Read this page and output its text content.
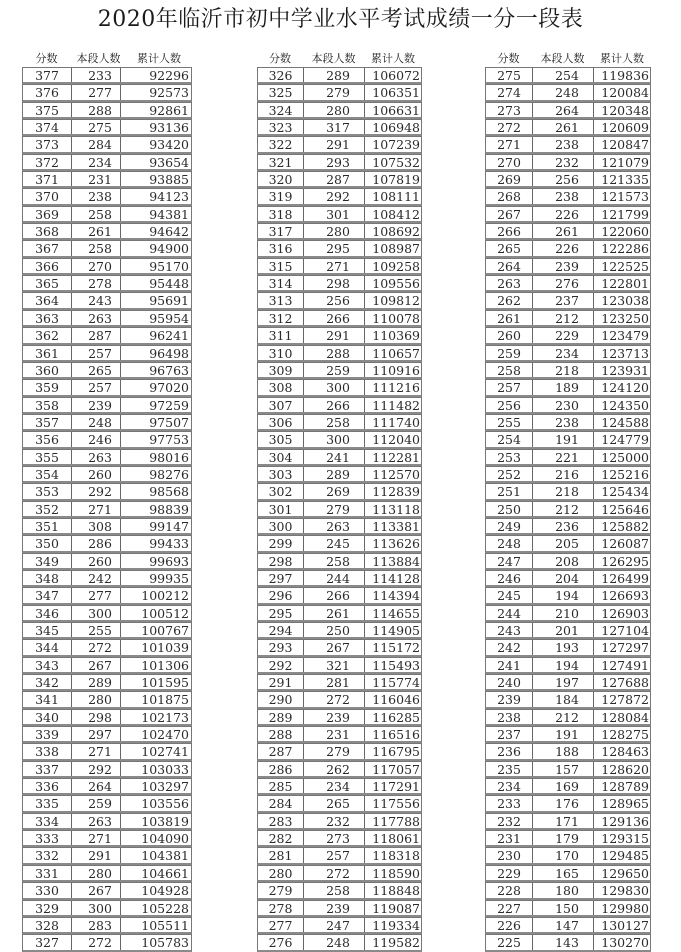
2020年临沂市初中学业水平考试成绩一分一段表
分数	本段人数	累计人数
377	233	92296
376	277	92573
375	288	92861
374	275	93136
373	284	93420
372	234	93654
371	231	93885
370	238	94123
369	258	94381
368	261	94642
367	258	94900
366	270	95170
365	278	95448
364	243	95691
363	263	95954
362	287	96241
361	257	96498
360	265	96763
359	257	97020
358	239	97259
357	248	97507
356	246	97753
355	263	98016
354	260	98276
353	292	98568
352	271	98839
351	308	99147
350	286	99433
349	260	99693
348	242	99935
347	277	100212
346	300	100512
345	255	100767
344	272	101039
343	267	101306
342	289	101595
341	280	101875
340	298	102173
339	297	102470
338	271	102741
337	292	103033
336	264	103297
335	259	103556
334	263	103819
333	271	104090
332	291	104381
331	280	104661
330	267	104928
329	300	105228
328	283	105511
327	272	105783
分数	本段人数	累计人数
326	289	106072
325	279	106351
324	280	106631
323	317	106948
322	291	107239
321	293	107532
320	287	107819
319	292	108111
318	301	108412
317	280	108692
316	295	108987
315	271	109258
314	298	109556
313	256	109812
312	266	110078
311	291	110369
310	288	110657
309	259	110916
308	300	111216
307	266	111482
306	258	111740
305	300	112040
304	241	112281
303	289	112570
302	269	112839
301	279	113118
300	263	113381
299	245	113626
298	258	113884
297	244	114128
296	266	114394
295	261	114655
294	250	114905
293	267	115172
292	321	115493
291	281	115774
290	272	116046
289	239	116285
288	231	116516
287	279	116795
286	262	117057
285	234	117291
284	265	117556
283	232	117788
282	273	118061
281	257	118318
280	272	118590
279	258	118848
278	239	119087
277	247	119334
276	248	119582
分数	本段人数	累计人数
275	254	119836
274	248	120084
273	264	120348
272	261	120609
271	238	120847
270	232	121079
269	256	121335
268	238	121573
267	226	121799
266	261	122060
265	226	122286
264	239	122525
263	276	122801
262	237	123038
261	212	123250
260	229	123479
259	234	123713
258	218	123931
257	189	124120
256	230	124350
255	238	124588
254	191	124779
253	221	125000
252	216	125216
251	218	125434
250	212	125646
249	236	125882
248	205	126087
247	208	126295
246	204	126499
245	194	126693
244	210	126903
243	201	127104
242	193	127297
241	194	127491
240	197	127688
239	184	127872
238	212	128084
237	191	128275
236	188	128463
235	157	128620
234	169	128789
233	176	128965
232	171	129136
231	179	129315
230	170	129485
229	165	129650
228	180	129830
227	150	129980
226	147	130127
225	143	130270
